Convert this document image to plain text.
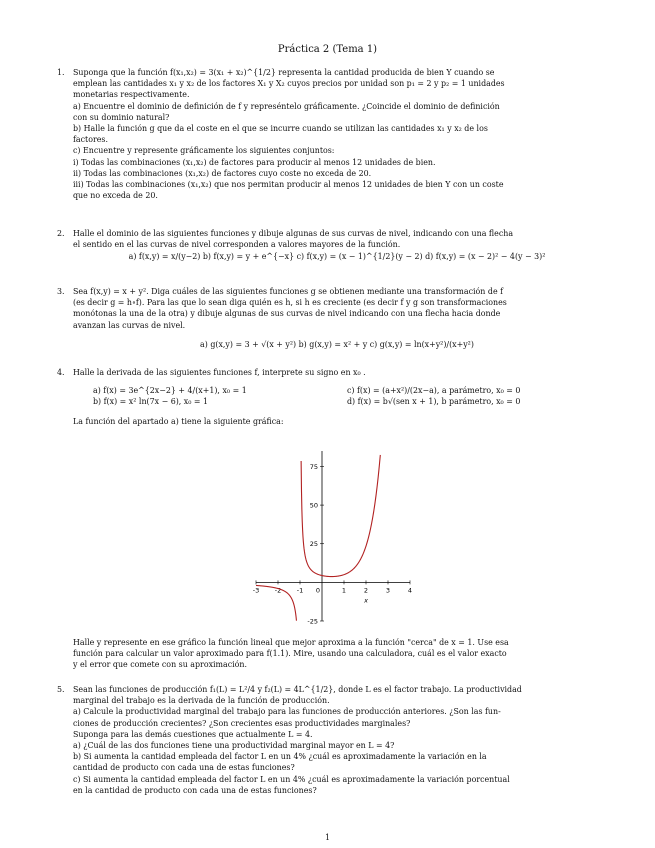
Práctica 2 (Tema 1)
1. Suponga que la función f(x₁,x₂) = 3(x₁ + x₂)^{1/2} representa la cantidad producida de bien Y cuando se
emplean las cantidades x₁ y x₂ de los factores X₁ y X₂ cuyos precios por unidad son p₁ = 2 y p₂ = 1 unidades
monetarias respectivamente.
a) Encuentre el dominio de definición de f y represéntelo gráficamente. ¿Coincide el dominio de definición
con su dominio natural?
b) Halle la función g que da el coste en el que se incurre cuando se utilizan las cantidades x₁ y x₂ de los
factores.
c) Encuentre y represente gráficamente los siguientes conjuntos:
i) Todas las combinaciones (x₁,x₂) de factores para producir al menos 12 unidades de bien.
ii) Todas las combinaciones (x₁,x₂) de factores cuyo coste no exceda de 20.
iii) Todas las combinaciones (x₁,x₂) que nos permitan producir al menos 12 unidades de bien Y con un coste
que no exceda de 20.
2. Halle el dominio de las siguientes funciones y dibuje algunas de sus curvas de nivel, indicando con una flecha
el sentido en el las curvas de nivel corresponden a valores mayores de la función.
a) f(x,y) = x/(y−2) b) f(x,y) = y + e^{−x} c) f(x,y) = (x − 1)^{1/2}(y − 2) d) f(x,y) = (x − 2)² − 4(y − 3)²
3. Sea f(x,y) = x + y². Diga cuáles de las siguientes funciones g se obtienen mediante una transformación de f
(es decir g = h∘f). Para las que lo sean diga quién es h, si h es creciente (es decir f y g son transformaciones
monótonas la una de la otra) y dibuje algunas de sus curvas de nivel indicando con una flecha hacia donde
avanzan las curvas de nivel.
a) g(x,y) = 3 + √(x + y²) b) g(x,y) = x² + y c) g(x,y) = ln(x+y²)/(x+y²)
4. Halle la derivada de las siguientes funciones f, interprete su signo en x₀ .
a) f(x) = 3e^{2x−2} + 4/(x+1), x₀ = 1
b) f(x) = x² ln(7x − 6), x₀ = 1
c) f(x) = (a+x²)/(2x−a), a parámetro, x₀ = 0
d) f(x) = b√(sen x + 1), b parámetro, x₀ = 0
La función del apartado a) tiene la siguiente gráfica:
-3 -2 -1	1	2	3	4
0
75
50
25
-25
x
Halle y represente en ese gráfico la función lineal que mejor aproxima a la función "cerca" de x = 1. Use esa
función para calcular un valor aproximado para f(1.1). Mire, usando una calculadora, cuál es el valor exacto
y el error que comete con su aproximación.
5. Sean las funciones de producción f₁(L) = L²/4 y f₂(L) = 4L^{1/2}, donde L es el factor trabajo. La productividad
marginal del trabajo es la derivada de la función de producción.
a) Calcule la productividad marginal del trabajo para las funciones de producción anteriores. ¿Son las fun-
ciones de producción crecientes? ¿Son crecientes esas productividades marginales?
Suponga para las demás cuestiones que actualmente L = 4.
a) ¿Cuál de las dos funciones tiene una productividad marginal mayor en L = 4?
b) Si aumenta la cantidad empleada del factor L en un 4% ¿cuál es aproximadamente la variación en la
cantidad de producto con cada una de estas funciones?
c) Si aumenta la cantidad empleada del factor L en un 4% ¿cuál es aproximadamente la variación porcentual
en la cantidad de producto con cada una de estas funciones?
1
